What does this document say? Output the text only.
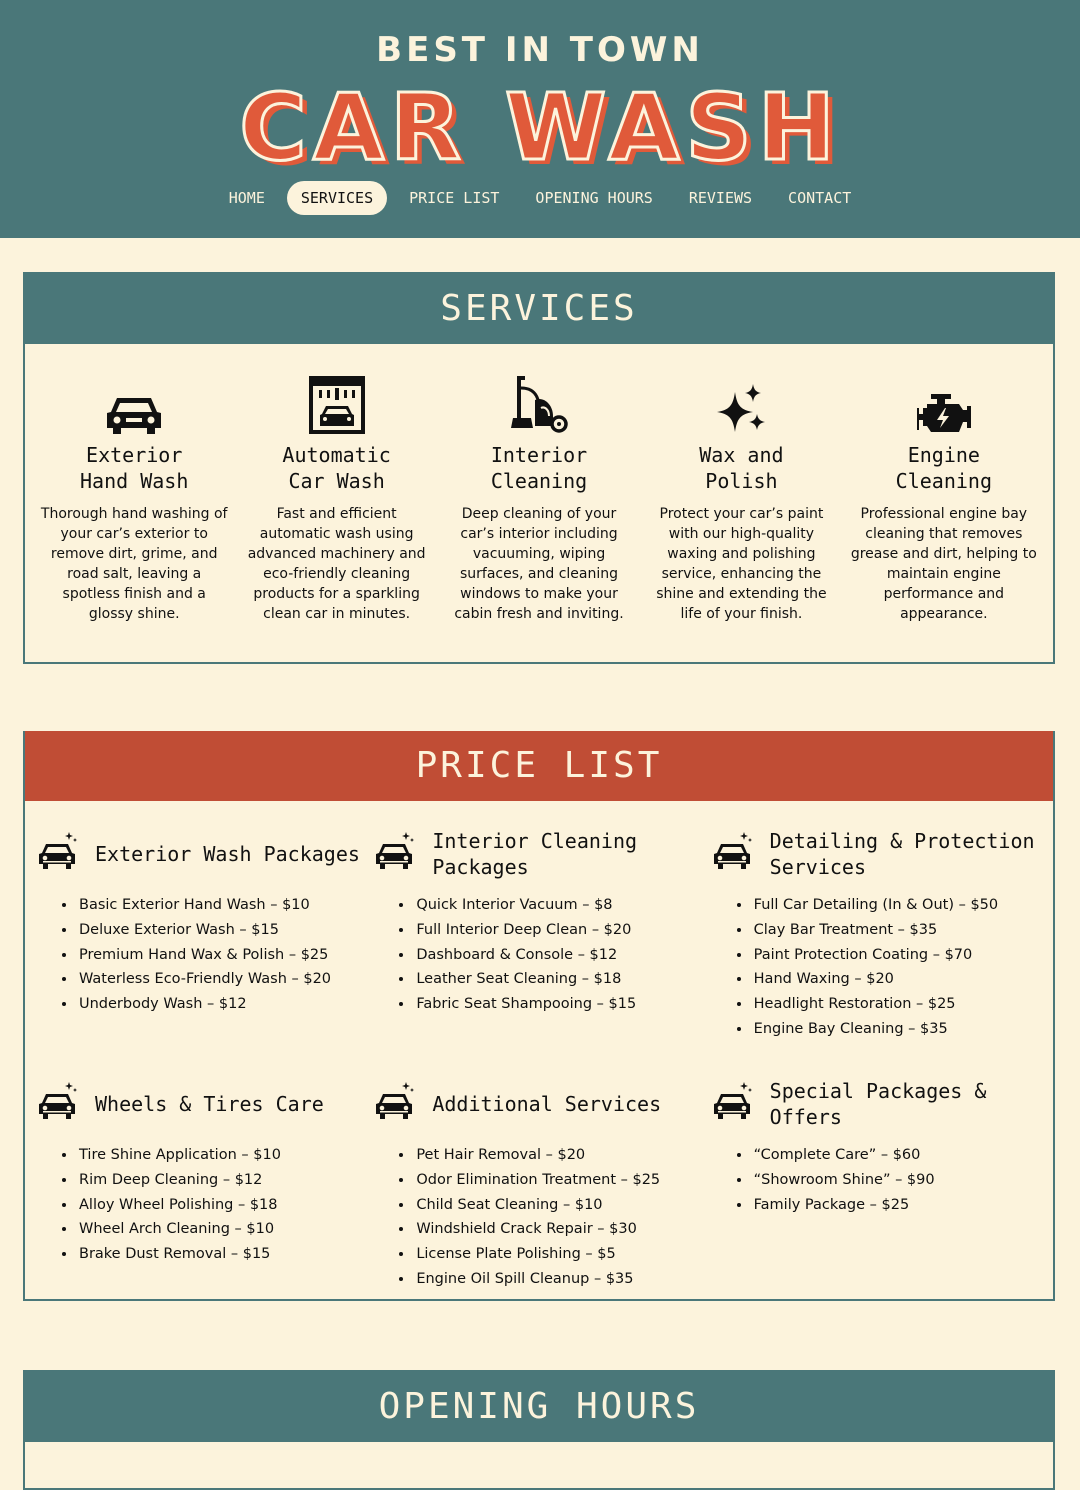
BEST IN TOWN
CAR WASH
HOME	SERVICES	PRICE LIST	OPENING HOURS	REVIEWS	CONTACT
SERVICES
Exterior
Hand Wash
Thorough hand washing of your car’s exterior to remove dirt, grime, and road salt, leaving a spotless finish and a glossy shine.
Automatic
Car Wash
Fast and efficient automatic wash using advanced machinery and eco-friendly cleaning products for a sparkling clean car in minutes.
Interior
Cleaning
Deep cleaning of your car’s interior including vacuuming, wiping surfaces, and cleaning windows to make your cabin fresh and inviting.
Wax and
Polish
Protect your car’s paint with our high-quality waxing and polishing service, enhancing the shine and extending the life of your finish.
Engine
Cleaning
Professional engine bay cleaning that removes grease and dirt, helping to maintain engine performance and appearance.
PRICE LIST
Exterior Wash Packages
• Basic Exterior Hand Wash – $10
• Deluxe Exterior Wash – $15
• Premium Hand Wax & Polish – $25
• Waterless Eco-Friendly Wash – $20
• Underbody Wash – $12
Interior Cleaning Packages
• Quick Interior Vacuum – $8
• Full Interior Deep Clean – $20
• Dashboard & Console – $12
• Leather Seat Cleaning – $18
• Fabric Seat Shampooing – $15
Detailing & Protection Services
• Full Car Detailing (In & Out) – $50
• Clay Bar Treatment – $35
• Paint Protection Coating – $70
• Hand Waxing – $20
• Headlight Restoration – $25
• Engine Bay Cleaning – $35
Wheels & Tires Care
• Tire Shine Application – $10
• Rim Deep Cleaning – $12
• Alloy Wheel Polishing – $18
• Wheel Arch Cleaning – $10
• Brake Dust Removal – $15
Additional Services
• Pet Hair Removal – $20
• Odor Elimination Treatment – $25
• Child Seat Cleaning – $10
• Windshield Crack Repair – $30
• License Plate Polishing – $5
• Engine Oil Spill Cleanup – $35
Special Packages & Offers
• “Complete Care” – $60
• “Showroom Shine” – $90
• Family Package – $25
OPENING HOURS
